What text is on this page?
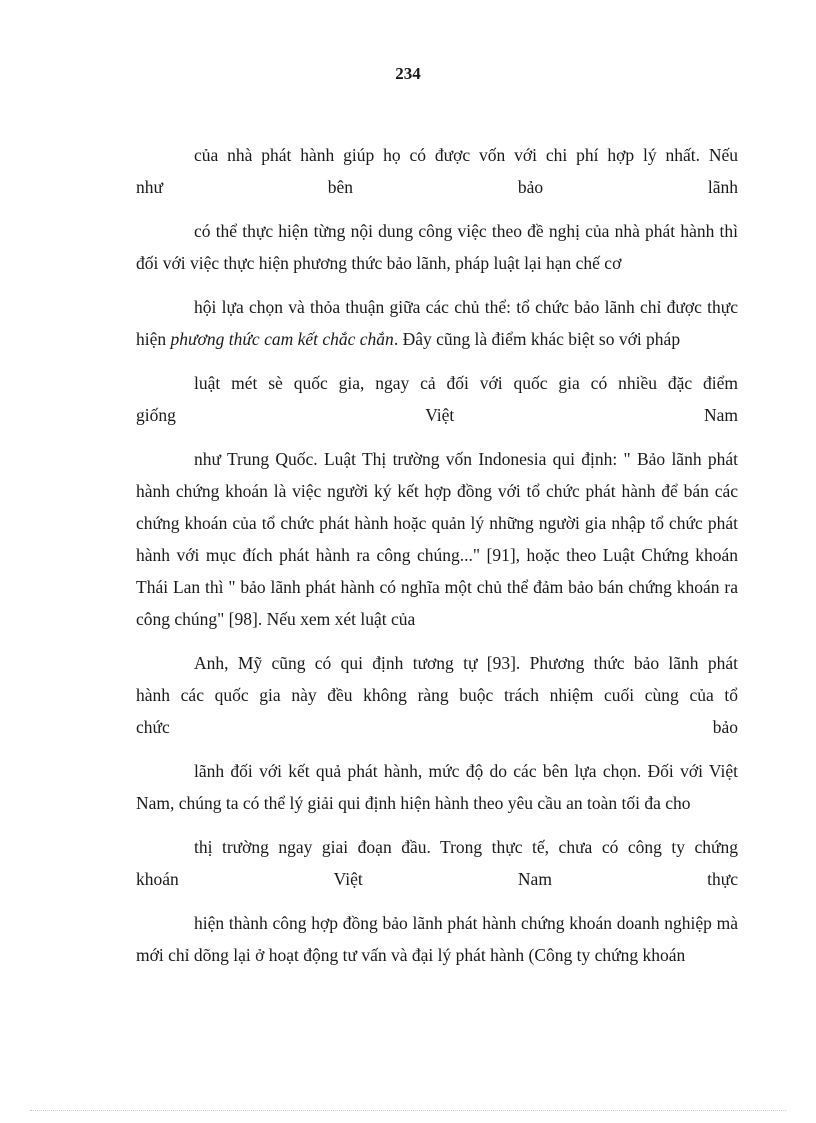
234

của nhà phát hành giúp họ có được vốn với chi phí hợp lý nhất. Nếu
như bên bảo lãnh

có thể thực hiện từng nội dung công việc theo đề nghị của nhà phát hành thì đối với việc thực hiện phương thức bảo lãnh, pháp luật lại hạn chế cơ

hội lựa chọn và thỏa thuận giữa các chủ thể: tổ chức bảo lãnh chỉ được thực hiện phương thức cam kết chắc chắn. Đây cũng là điểm khác biệt so với pháp

luật mét sè quốc gia, ngay cả đối với quốc gia có nhiều đặc điểm
giống Việt Nam

như Trung Quốc. Luật Thị trường vốn Indonesia qui định: " Bảo lãnh phát hành chứng khoán là việc người ký kết hợp đồng với tổ chức phát hành để bán các chứng khoán của tổ chức phát hành hoặc quản lý những người gia nhập tổ chức phát hành với mục đích phát hành ra công chúng..." [91], hoặc theo Luật Chứng khoán Thái Lan thì " bảo lãnh phát hành có nghĩa một chủ thể đảm bảo bán chứng khoán ra công chúng" [98]. Nếu xem xét luật của

Anh, Mỹ cũng có qui định tương tự [93]. Phương thức bảo lãnh phát
hành các quốc gia này đều không ràng buộc trách nhiệm cuối cùng của tổ
chức bảo

lãnh đối với kết quả phát hành, mức độ do các bên lựa chọn. Đối với Việt Nam, chúng ta có thể lý giải qui định hiện hành theo yêu cầu an toàn tối đa cho

thị trường ngay giai đoạn đầu. Trong thực tế, chưa có công ty chứng
khoán Việt Nam thực

hiện thành công hợp đồng bảo lãnh phát hành chứng khoán doanh nghiệp mà mới chỉ dõng lại ở hoạt động tư vấn và đại lý phát hành (Công ty chứng khoán
